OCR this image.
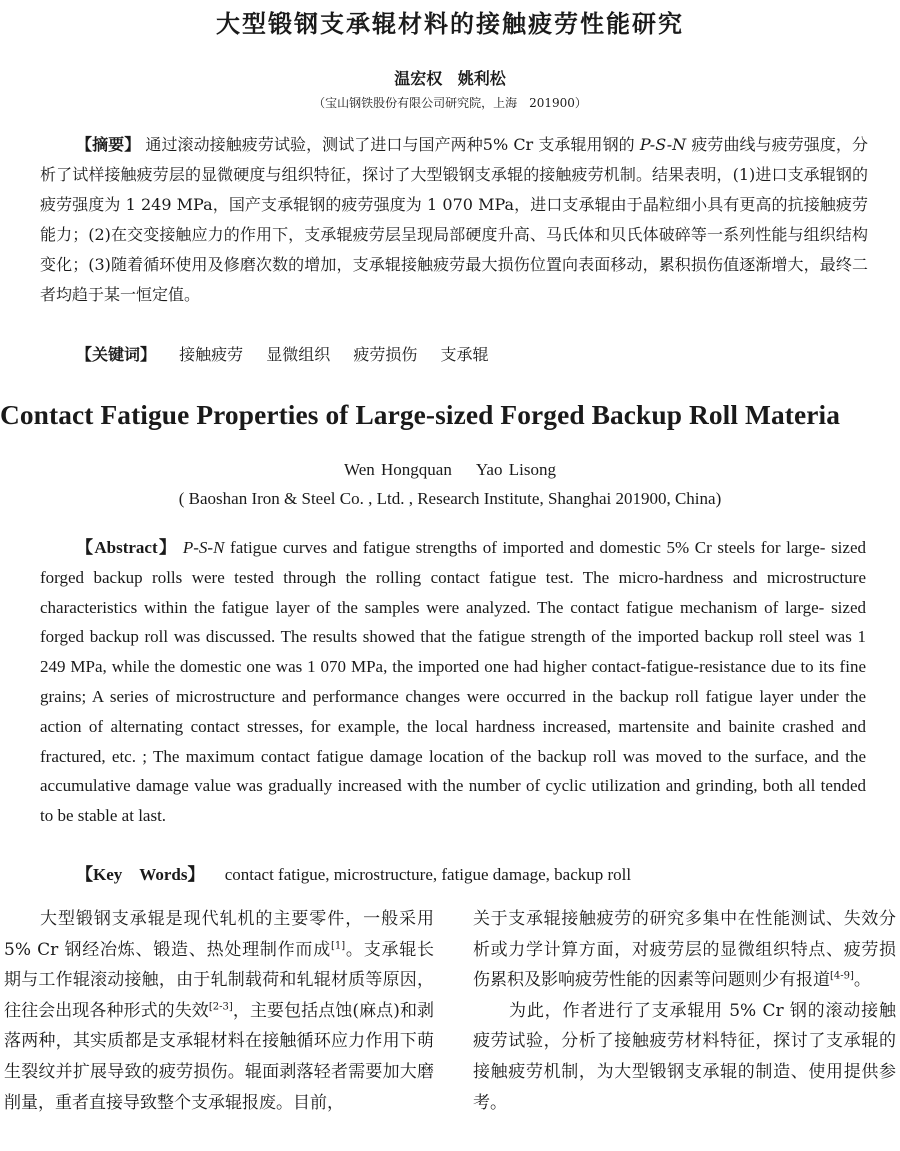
大型锻钢支承辊材料的接触疲劳性能研究
温宏权 姚利松
（宝山钢铁股份有限公司研究院，上海　201900）
【摘要】 通过滚动接触疲劳试验，测试了进口与国产两种5% Cr 支承辊用钢的 P-S-N 疲劳曲线与疲劳强度，分析了试样接触疲劳层的显微硬度与组织特征，探讨了大型锻钢支承辊的接触疲劳机制。结果表明，(1)进口支承辊钢的疲劳强度为 1 249 MPa，国产支承辊钢的疲劳强度为 1 070 MPa，进口支承辊由于晶粒细小具有更高的抗接触疲劳能力；(2)在交变接触应力的作用下，支承辊疲劳层呈现局部硬度升高、马氏体和贝氏体破碎等一系列性能与组织结构变化；(3)随着循环使用及修磨次数的增加，支承辊接触疲劳最大损伤位置向表面移动，累积损伤值逐渐增大，最终二者均趋于某一恒定值。
【关键词】 接触疲劳 显微组织 疲劳损伤 支承辊
Contact Fatigue Properties of Large-sized Forged Backup Roll Materia
Wen Hongquan Yao Lisong
( Baoshan Iron & Steel Co. , Ltd. , Research Institute, Shanghai 201900, China)
【Abstract】 P-S-N fatigue curves and fatigue strengths of imported and domestic 5% Cr steels for large- sized forged backup rolls were tested through the rolling contact fatigue test. The micro-hardness and microstructure characteristics within the fatigue layer of the samples were analyzed. The contact fatigue mechanism of large- sized forged backup roll was discussed. The results showed that the fatigue strength of the imported backup roll steel was 1 249 MPa, while the domestic one was 1 070 MPa, the imported one had higher contact-fatigue-resistance due to its fine grains; A series of microstructure and performance changes were occurred in the backup roll fatigue layer under the action of alternating contact stresses, for example, the local hardness increased, martensite and bainite crashed and fractured, etc. ; The maximum contact fatigue damage location of the backup roll was moved to the surface, and the accumulative damage value was gradually increased with the number of cyclic utilization and grinding, both all tended to be stable at last.
【Key　Words】 contact fatigue, microstructure, fatigue damage, backup roll

大型锻钢支承辊是现代轧机的主要零件，一般采用 5% Cr 钢经冶炼、锻造、热处理制作而成[1]。支承辊长期与工作辊滚动接触，由于轧制载荷和轧辊材质等原因，往往会出现各种形式的失效[2-3]，主要包括点蚀(麻点)和剥落两种，其实质都是支承辊材料在接触循环应力作用下萌生裂纹并扩展导致的疲劳损伤。辊面剥落轻者需要加大磨削量，重者直接导致整个支承辊报废。目前，

关于支承辊接触疲劳的研究多集中在性能测试、失效分析或力学计算方面，对疲劳层的显微组织特点、疲劳损伤累积及影响疲劳性能的因素等问题则少有报道[4-9]。

为此，作者进行了支承辊用 5% Cr 钢的滚动接触疲劳试验，分析了接触疲劳材料特征，探讨了支承辊的接触疲劳机制，为大型锻钢支承辊的制造、使用提供参考。
